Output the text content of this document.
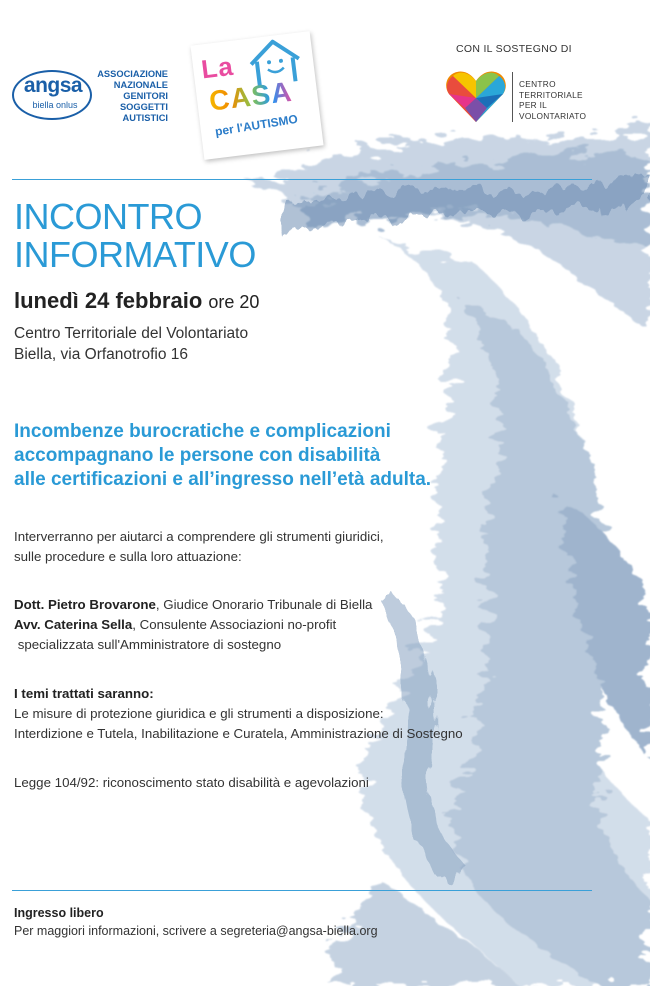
angsa
biella onlus
ASSOCIAZIONE
NAZIONALE
GENITORI
SOGGETTI
AUTISTICI
La
CASA
per l'AUTISMO
CON IL SOSTEGNO DI
CENTRO
TERRITORIALE
PER IL
VOLONTARIATO
INCONTRO
INFORMATIVO
lunedì 24 febbraio ore 20
Centro Territoriale del Volontariato
Biella, via Orfanotrofio 16
Incombenze burocratiche e complicazioni
accompagnano le persone con disabilità
alle certificazioni e all’ingresso nell’età adulta.
Interverranno per aiutarci a comprendere gli strumenti giuridici,
sulle procedure e sulla loro attuazione:
Dott. Pietro Brovarone, Giudice Onorario Tribunale di Biella
Avv. Caterina Sella, Consulente Associazioni no-profit
specializzata sull'Amministratore di sostegno
I temi trattati saranno:
Le misure di protezione giuridica e gli strumenti a disposizione:
Interdizione e Tutela, Inabilitazione e Curatela, Amministrazione di Sostegno
Legge 104/92: riconoscimento stato disabilità e agevolazioni
Ingresso libero
Per maggiori informazioni, scrivere a segreteria@angsa-biella.org
